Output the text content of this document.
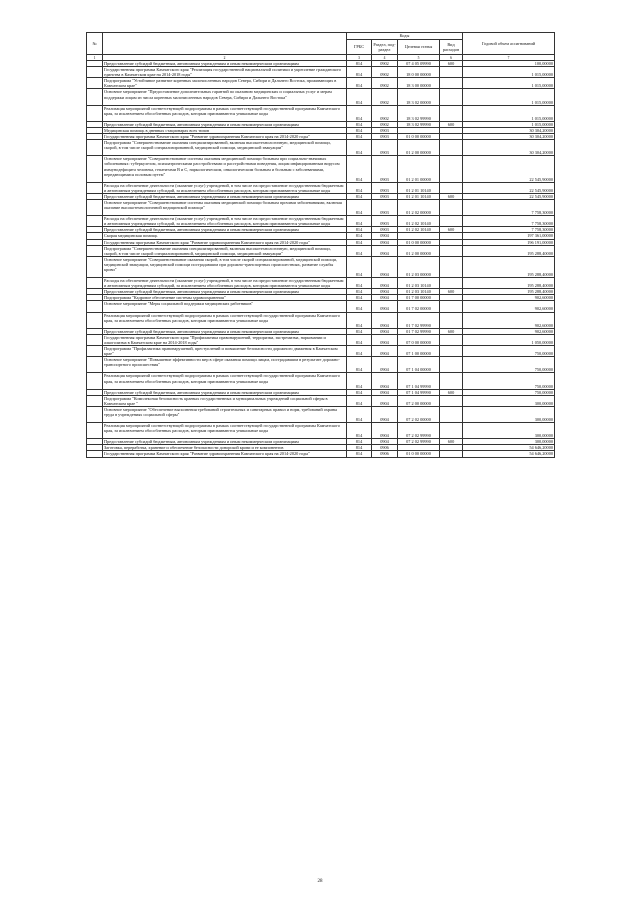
№		Коды				Годовой объем ассигнований
		ГРБС	Раздел, под-раздел	Целевая статья	Вид расходов	
1	2	3	4	5	6	7
	Предоставление субсидий бюджетным, автономным учреждениям и иным некоммерческим организациям	814	0902	07 4 05 09990	600	100,00000
	Государственная программа Камчатского края "Реализация государственной национальной политики и укрепление гражданского единства в Камчатском крае на 2014-2018 годы"	814	0902	18 0 00 00000		1 015,00000
	Подпрограмма "Устойчивое развитие коренных малочисленных народов Севера, Сибири и Дальнего Востока, проживающих в Камчатском крае"	814	0902	18 3 00 00000		1 015,00000
	Основное мероприятие "Предоставление дополнительных гарантий по оказанию медицинских и социальных услуг и мерам поддержки лицам из числа коренных малочисленных народов Севера, Сибири и Дальнего Востока"	814	0902	18 3 02 00000		1 015,00000
	Реализация мероприятий соответствующей подпрограммы в рамках соответствующей государственной программы Камчатского края, за исключением обособленных расходов, которым присваиваются уникальные коды	814	0902	18 3 02 99990		1 015,00000
	Предоставление субсидий бюджетным, автономным учреждениям и иным некоммерческим организациям	814	0902	18 3 02 99990	600	1 015,00000
	Медицинская помощь в дневных стационарах всех типов	814	0903			30 304,20000
	Государственная программа Камчатского края "Развитие здравоохранения Камчатского края на 2014-2020 годы"	814	0903	01 0 00 00000		30 304,20000
	Подпрограмма "Совершенствование оказания специализированной, включая высокотехнологичную, медицинской помощи, скорой, в том числе скорой специализированной, медицинской помощи, медицинской эвакуации"	814	0903	01 2 00 00000		30 304,20000
	Основное мероприятие "Совершенствование системы оказания медицинской помощи больным при социально-значимых заболеваниях: туберкулезом, психиатрическими расстройствами и расстройствами поведения, лицам инфицированным вирусом иммунодефицита человека, гепатитами В и С, наркологическим, онкологическим больным и больным с заболеваниями, передающимися половым путем"	814	0903	01 2 01 00000		22 545,90000
	Расходы на обеспечение деятельности (оказание услуг) учреждений, в том числе на предоставление государственным бюджетным и автономным учреждениям субсидий, за исключением обособленных расходов, которым присваиваются уникальные коды	814	0903	01 2 01 10140		22 545,90000
	Предоставление субсидий бюджетным, автономным учреждениям и иным некоммерческим организациям	814	0903	01 2 01 10140	600	22 545,90000
	Основное мероприятие "Совершенствование системы оказания медицинской помощи больным прочими заболеваниями, включая оказание высокотехнологичной медицинской помощи"	814	0903	01 2 02 00000		7 758,30000
	Расходы на обеспечение деятельности (оказание услуг) учреждений, в том числе на предоставление государственным бюджетным и автономным учреждениям субсидий, за исключением обособленных расходов, которым присваиваются уникальные коды	814	0903	01 2 02 10140		7 758,30000
	Предоставление субсидий бюджетным, автономным учреждениям и иным некоммерческим организациям	814	0903	01 2 02 10140	600	7 758,30000
	Скорая медицинская помощь	814	0904			197 361,00000
	Государственная программа Камчатского края "Развитие здравоохранения Камчатского края на 2014-2020 годы"	814	0904	01 0 00 00000		196 191,00000
	Подпрограмма "Совершенствование оказания специализированной, включая высокотехнологичную, медицинской помощи, скорой, в том числе скорой специализированной, медицинской помощи, медицинской эвакуации"	814	0904	01 2 00 00000		195 288,40000
	Основное мероприятие "Совершенствование оказания скорой, в том числе скорой специализированной, медицинской помощи, медицинской эвакуации, медицинской помощи пострадавшим при дорожно-транспортных происшествиях, развитие службы крови"	814	0904	01 2 03 00000		195 288,40000
	Расходы на обеспечение деятельности (оказание услуг) учреждений, в том числе на предоставление государственным бюджетным и автономным учреждениям субсидий, за исключением обособленных расходов, которым присваиваются уникальные коды	814	0904	01 2 03 10140		195 288,40000
	Предоставление субсидий бюджетным, автономным учреждениям и иным некоммерческим организациям	814	0904	01 2 03 10140	600	195 288,40000
	Подпрограмма "Кадровое обеспечение системы здравоохранения"	814	0904	01 7 00 00000		902,60000
	Основное мероприятие "Меры социальной поддержки медицинских работников"	814	0904	01 7 02 00000		902,60000
	Реализация мероприятий соответствующей подпрограммы в рамках соответствующей государственной программы Камчатского края, за исключением обособленных расходов, которым присваиваются уникальные коды	814	0904	01 7 02 99990		902,60000
	Предоставление субсидий бюджетным, автономным учреждениям и иным некоммерческим организациям	814	0904	01 7 02 99990	600	902,60000
	Государственная программа Камчатского края "Профилактика правонарушений, терроризма, экстремизма, наркомании и алкоголизма в Камчатском крае на 2014-2018 годы"	814	0904	07 0 00 00000		1 050,00000
	Подпрограмма "Профилактика правонарушений, преступлений и повышение безопасности дорожного движения в Камчатском крае"	814	0904	07 1 00 00000		750,00000
	Основное мероприятие "Повышение эффективности мер в сфере оказания помощи лицам, пострадавшим в результате дорожно-транспортного происшествия"	814	0904	07 1 04 00000		750,00000
	Реализация мероприятий соответствующей подпрограммы в рамках соответствующей государственной программы Камчатского края, за исключением обособленных расходов, которым присваиваются уникальные коды	814	0904	07 1 04 99990		750,00000
	Предоставление субсидий бюджетным, автономным учреждениям и иным некоммерческим организациям	814	0904	07 1 04 99990	600	750,00000
	Подпрограмма "Комплексная безопасность краевых государственных и муниципальных учреждений социальной сферы в Камчатском крае "	814	0904	07 2 00 00000		300,00000
	Основное мероприятие "Обеспечение выполнения требований строительных и санитарных правил и норм, требований охраны труда в учреждениях социальной сферы"	814	0904	07 2 02 00000		300,00000
	Реализация мероприятий соответствующей подпрограммы в рамках соответствующей государственной программы Камчатского края, за исключением обособленных расходов, которым присваиваются уникальные коды	814	0904	07 2 02 99990		300,00000
	Предоставление субсидий бюджетным, автономным учреждениям и иным некоммерческим организациям	814	0904	07 2 02 99990	600	300,00000
	Заготовка, переработка, хранение и обеспечение безопасности донорской крови и ее компонентов	814	0906			54 646,20000
	Государственная программа Камчатского края "Развитие здравоохранения Камчатского края на 2014-2020 годы"	814	0906	01 0 00 00000		54 646,20000
28
